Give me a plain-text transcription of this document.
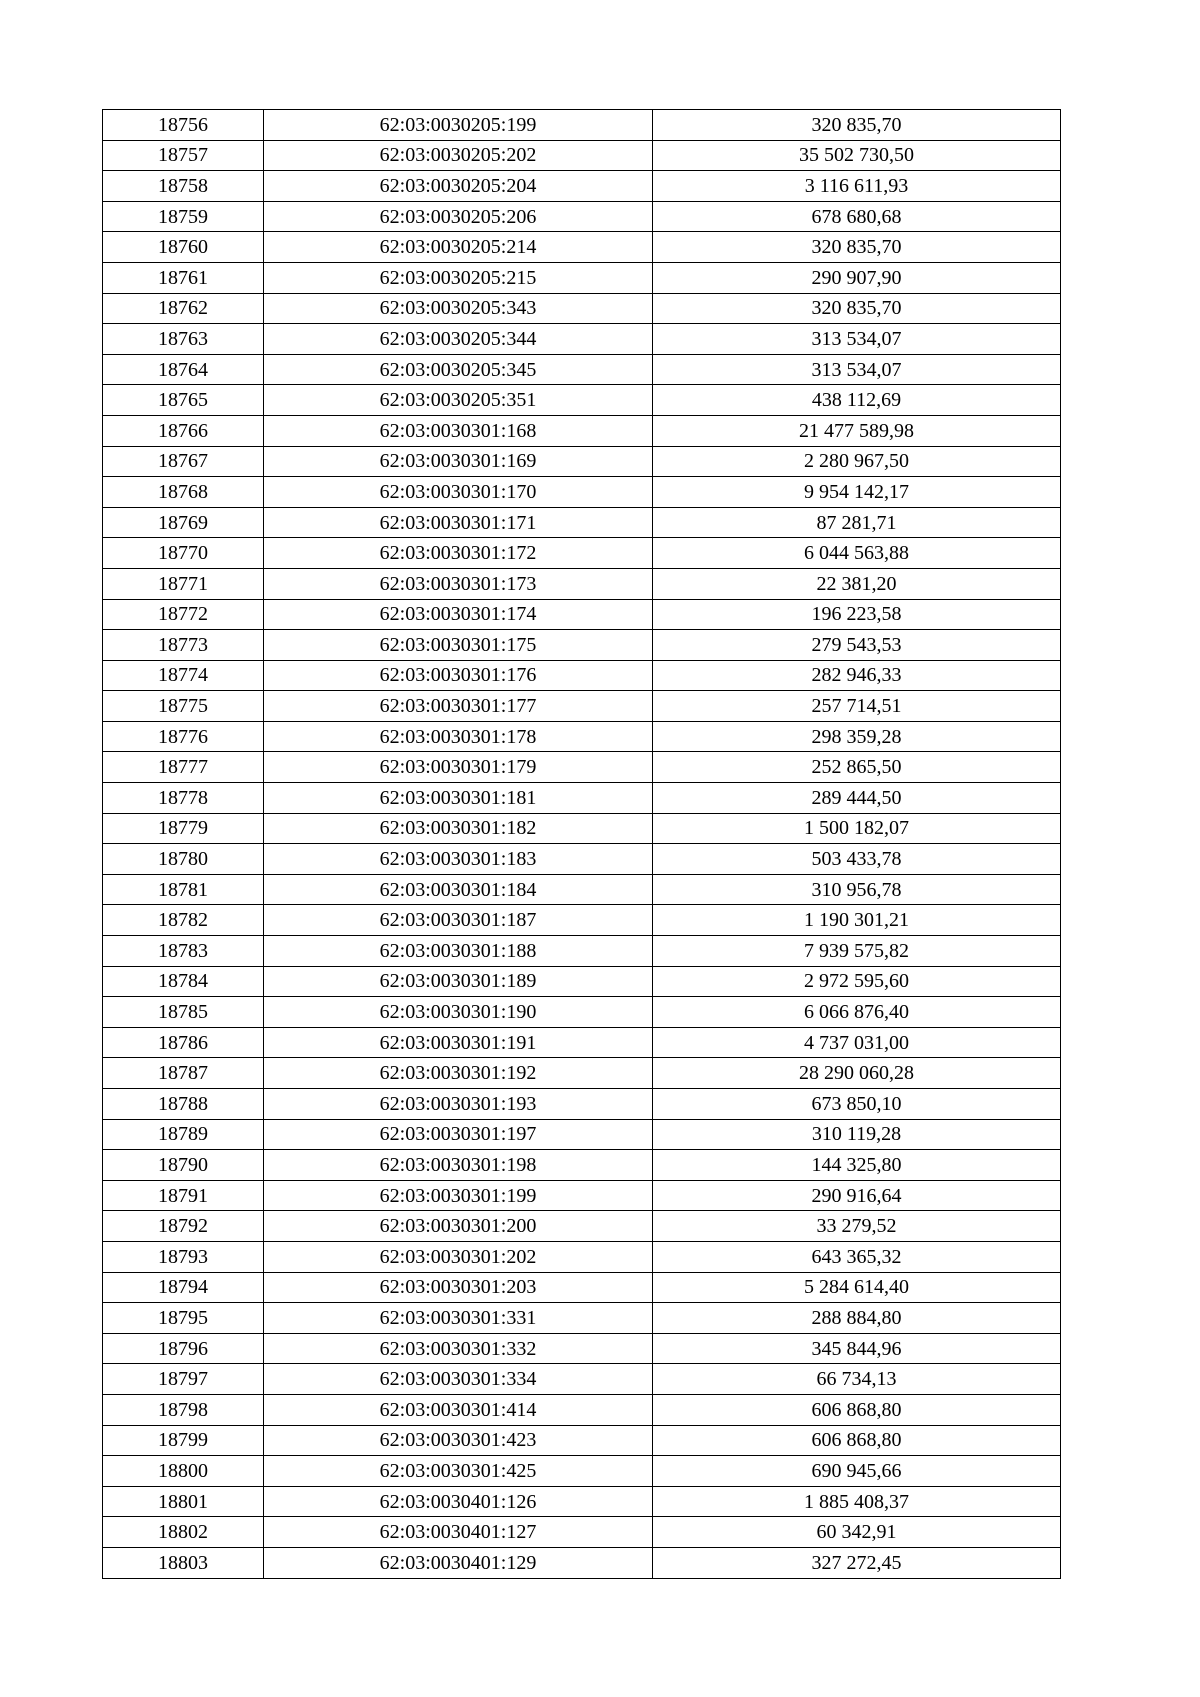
18756	62:03:0030205:199	320 835,70
18757	62:03:0030205:202	35 502 730,50
18758	62:03:0030205:204	3 116 611,93
18759	62:03:0030205:206	678 680,68
18760	62:03:0030205:214	320 835,70
18761	62:03:0030205:215	290 907,90
18762	62:03:0030205:343	320 835,70
18763	62:03:0030205:344	313 534,07
18764	62:03:0030205:345	313 534,07
18765	62:03:0030205:351	438 112,69
18766	62:03:0030301:168	21 477 589,98
18767	62:03:0030301:169	2 280 967,50
18768	62:03:0030301:170	9 954 142,17
18769	62:03:0030301:171	87 281,71
18770	62:03:0030301:172	6 044 563,88
18771	62:03:0030301:173	22 381,20
18772	62:03:0030301:174	196 223,58
18773	62:03:0030301:175	279 543,53
18774	62:03:0030301:176	282 946,33
18775	62:03:0030301:177	257 714,51
18776	62:03:0030301:178	298 359,28
18777	62:03:0030301:179	252 865,50
18778	62:03:0030301:181	289 444,50
18779	62:03:0030301:182	1 500 182,07
18780	62:03:0030301:183	503 433,78
18781	62:03:0030301:184	310 956,78
18782	62:03:0030301:187	1 190 301,21
18783	62:03:0030301:188	7 939 575,82
18784	62:03:0030301:189	2 972 595,60
18785	62:03:0030301:190	6 066 876,40
18786	62:03:0030301:191	4 737 031,00
18787	62:03:0030301:192	28 290 060,28
18788	62:03:0030301:193	673 850,10
18789	62:03:0030301:197	310 119,28
18790	62:03:0030301:198	144 325,80
18791	62:03:0030301:199	290 916,64
18792	62:03:0030301:200	33 279,52
18793	62:03:0030301:202	643 365,32
18794	62:03:0030301:203	5 284 614,40
18795	62:03:0030301:331	288 884,80
18796	62:03:0030301:332	345 844,96
18797	62:03:0030301:334	66 734,13
18798	62:03:0030301:414	606 868,80
18799	62:03:0030301:423	606 868,80
18800	62:03:0030301:425	690 945,66
18801	62:03:0030401:126	1 885 408,37
18802	62:03:0030401:127	60 342,91
18803	62:03:0030401:129	327 272,45
